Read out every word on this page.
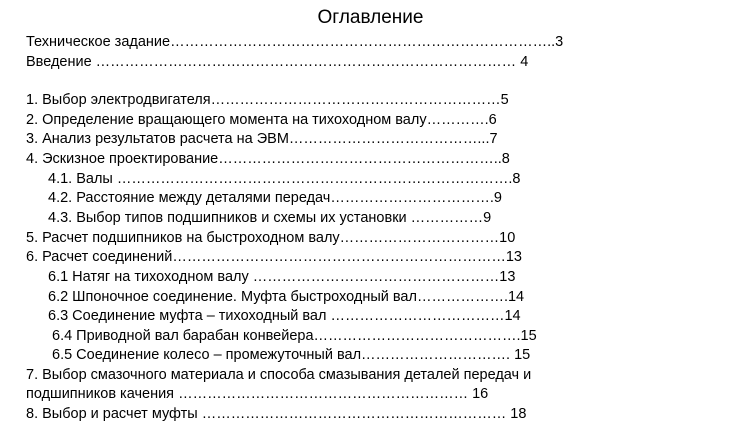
Оглавление
Техническое задание……………………………………………………………………..3
Введение …………………………………………………………………………… 4
1. Выбор электродвигателя……………………………………………………5
2. Определение вращающего момента на тихоходном валу………….6
3. Анализ результатов расчета на ЭВМ…………………………………...7
4. Эскизное проектирование…………………………………………………..8
4.1. Валы ……………………………………………………………………….8
4.2. Расстояние между деталями передач…………………………….9
4.3. Выбор типов подшипников и схемы их установки ……………9
5. Расчет подшипников на быстроходном валу……………………………10
6. Расчет соединений……………………………………………………………13
6.1 Натяг на тихоходном валу ……………………………………………13
6.2 Шпоночное соединение. Муфта быстроходный вал……………….14
6.3 Соединение муфта – тихоходный вал ………………………………14
6.4 Приводной вал барабан конвейера…………………………………….15
6.5 Соединение колесо – промежуточный вал…………………………. 15
7. Выбор смазочного материала и способа смазывания деталей передач и
подшипников качения …………………………………………………… 16
8. Выбор и расчет муфты ……………………………………………………… 18
